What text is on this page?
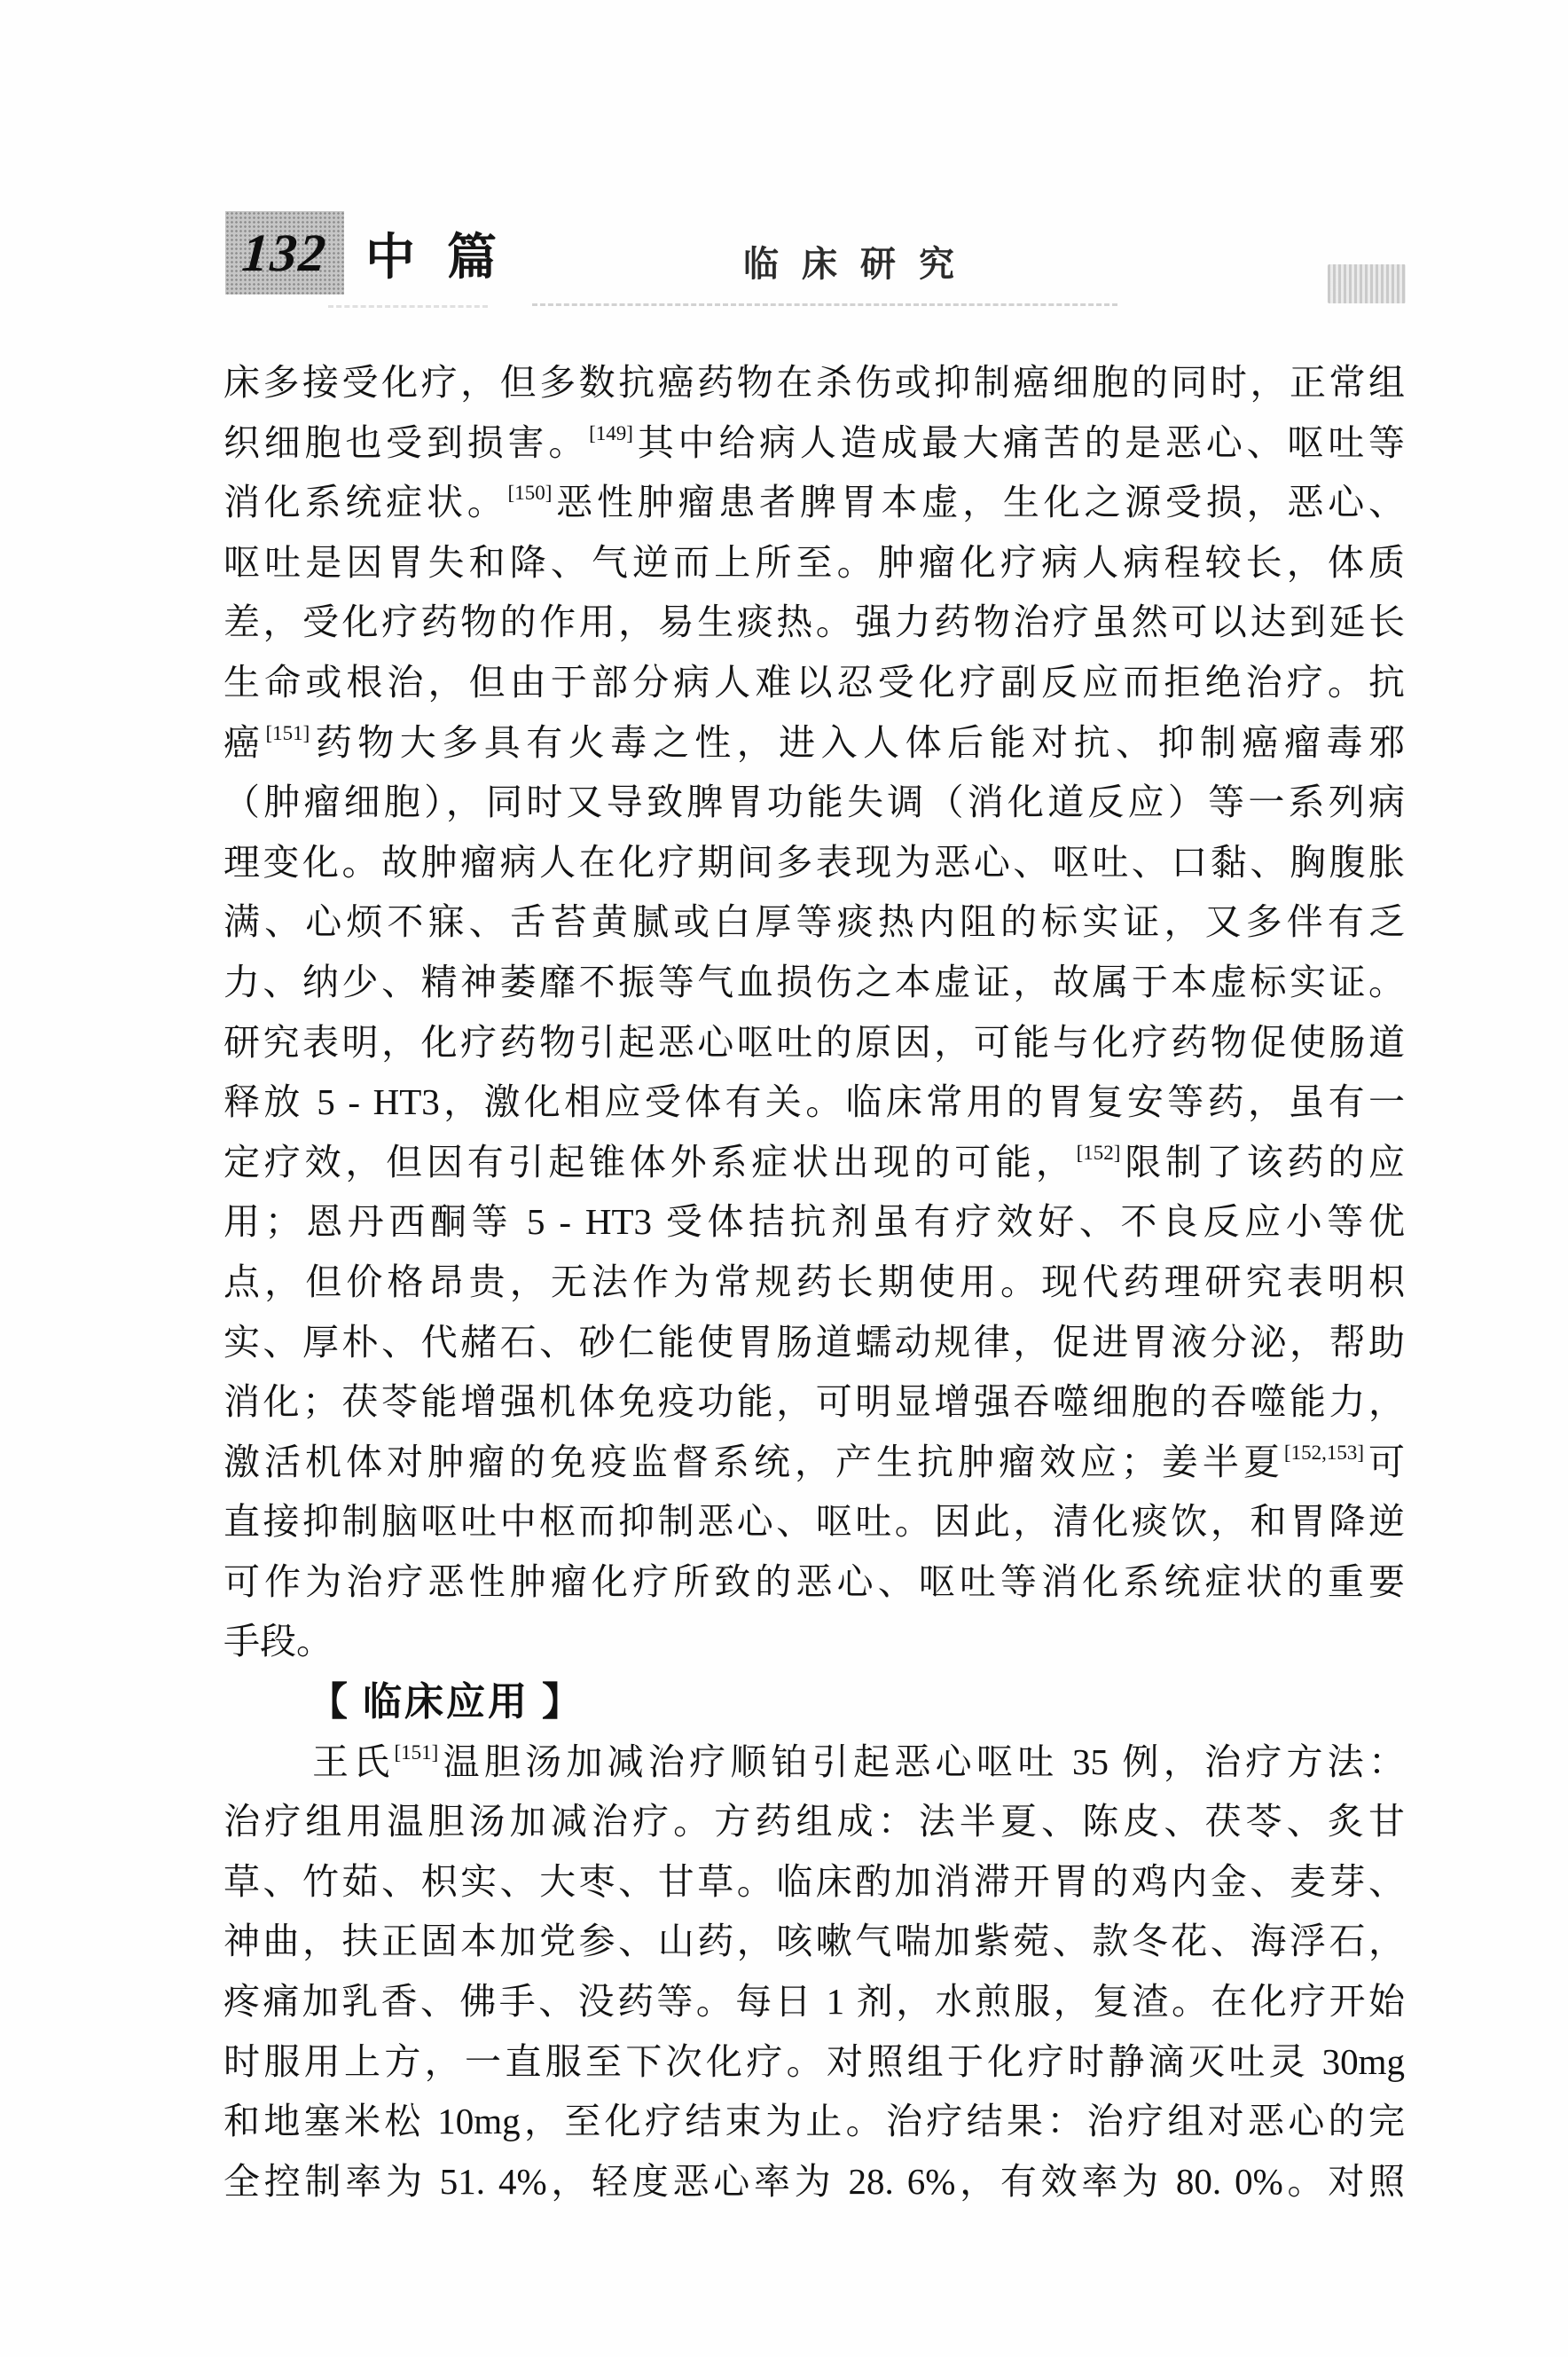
132 中篇	临床研究
床多接受化疗，但多数抗癌药物在杀伤或抑制癌细胞的同时，正常组
织细胞也受到损害。[149]其中给病人造成最大痛苦的是恶心、呕吐等
消化系统症状。[150]恶性肿瘤患者脾胃本虚，生化之源受损，恶心、
呕吐是因胃失和降、气逆而上所至。肿瘤化疗病人病程较长，体质
差，受化疗药物的作用，易生痰热。强力药物治疗虽然可以达到延长
生命或根治，但由于部分病人难以忍受化疗副反应而拒绝治疗。抗
癌[151]药物大多具有火毒之性，进入人体后能对抗、抑制癌瘤毒邪
（肿瘤细胞），同时又导致脾胃功能失调（消化道反应）等一系列病
理变化。故肿瘤病人在化疗期间多表现为恶心、呕吐、口黏、胸腹胀
满、心烦不寐、舌苔黄腻或白厚等痰热内阻的标实证，又多伴有乏
力、纳少、精神萎靡不振等气血损伤之本虚证，故属于本虚标实证。
研究表明，化疗药物引起恶心呕吐的原因，可能与化疗药物促使肠道
释放 5 - HT3，激化相应受体有关。临床常用的胃复安等药，虽有一
定疗效，但因有引起锥体外系症状出现的可能，[152]限制了该药的应
用；恩丹西酮等 5 - HT3 受体拮抗剂虽有疗效好、不良反应小等优
点，但价格昂贵，无法作为常规药长期使用。现代药理研究表明枳
实、厚朴、代赭石、砂仁能使胃肠道蠕动规律，促进胃液分泌，帮助
消化；茯苓能增强机体免疫功能，可明显增强吞噬细胞的吞噬能力，
激活机体对肿瘤的免疫监督系统，产生抗肿瘤效应；姜半夏[152,153]可
直接抑制脑呕吐中枢而抑制恶心、呕吐。因此，清化痰饮，和胃降逆
可作为治疗恶性肿瘤化疗所致的恶心、呕吐等消化系统症状的重要
手段。
【 临床应用 】
王氏[151]温胆汤加减治疗顺铂引起恶心呕吐 35 例，治疗方法：
治疗组用温胆汤加减治疗。方药组成：法半夏、陈皮、茯苓、炙甘
草、竹茹、枳实、大枣、甘草。临床酌加消滞开胃的鸡内金、麦芽、
神曲，扶正固本加党参、山药，咳嗽气喘加紫菀、款冬花、海浮石，
疼痛加乳香、佛手、没药等。每日 1 剂，水煎服，复渣。在化疗开始
时服用上方，一直服至下次化疗。对照组于化疗时静滴灭吐灵 30mg
和地塞米松 10mg，至化疗结束为止。治疗结果：治疗组对恶心的完
全控制率为 51. 4%，轻度恶心率为 28. 6%，有效率为 80. 0%。对照
